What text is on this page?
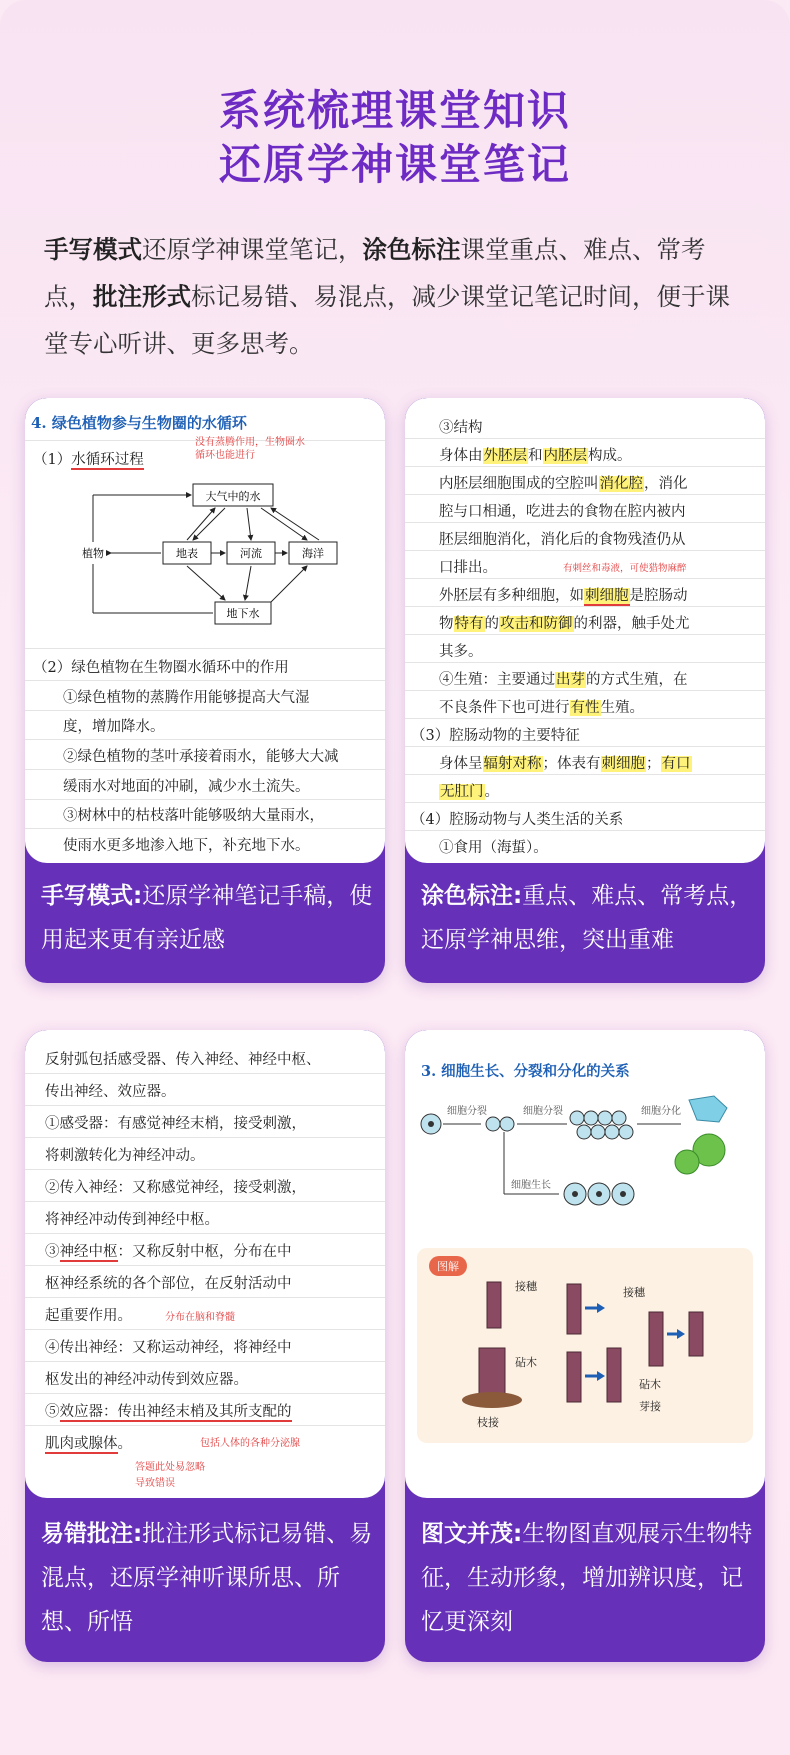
系统梳理课堂知识
还原学神课堂笔记
手写模式还原学神课堂笔记，涂色标注课堂重点、难点、常考点，批注形式标记易错、易混点，减少课堂记笔记时间，便于课堂专心听讲、更多思考。
4. 绿色植物参与生物圈的水循环
（1）水循环过程
没有蒸腾作用，生物圈水循环也能进行
大气中的水
植物	地表	河流	海洋
地下水
（2）绿色植物在生物圈水循环中的作用
①绿色植物的蒸腾作用能够提高大气湿
度，增加降水。
②绿色植物的茎叶承接着雨水，能够大大减
缓雨水对地面的冲刷，减少水土流失。
③树林中的枯枝落叶能够吸纳大量雨水，
使雨水更多地渗入地下，补充地下水。
手写模式:还原学神笔记手稿，使用起来更有亲近感
③结构
身体由外胚层和内胚层构成。
内胚层细胞围成的空腔叫消化腔，消化
腔与口相通，吃进去的食物在腔内被内
胚层细胞消化，消化后的食物残渣仍从
口排出。	有刺丝和毒液，可使猎物麻醉
外胚层有多种细胞，如刺细胞是腔肠动
物特有的攻击和防御的利器，触手处尤
其多。
④生殖：主要通过出芽的方式生殖，在
不良条件下也可进行有性生殖。
（3）腔肠动物的主要特征
身体呈辐射对称；体表有刺细胞；有口
无肛门。
（4）腔肠动物与人类生活的关系
①食用（海蜇）。
涂色标注:重点、难点、常考点，还原学神思维，突出重难
反射弧包括感受器、传入神经、神经中枢、
传出神经、效应器。
①感受器：有感觉神经末梢，接受刺激，
将刺激转化为神经冲动。
②传入神经：又称感觉神经，接受刺激，
将神经冲动传到神经中枢。
③神经中枢：又称反射中枢，分布在中
枢神经系统的各个部位，在反射活动中
起重要作用。	分布在脑和脊髓
④传出神经：又称运动神经，将神经中
枢发出的神经冲动传到效应器。
⑤效应器：传出神经末梢及其所支配的
肌肉或腺体。	包括人体的各种分泌腺
答题此处易忽略
导致错误
易错批注:批注形式标记易错、易混点，还原学神听课所思、所想、所悟
3. 细胞生长、分裂和分化的关系
细胞分裂	细胞分裂	细胞分化
细胞生长
图解
接穗
砧木
枝接
接穗
砧木
芽接
图文并茂:生物图直观展示生物特征，生动形象，增加辨识度，记忆更深刻
